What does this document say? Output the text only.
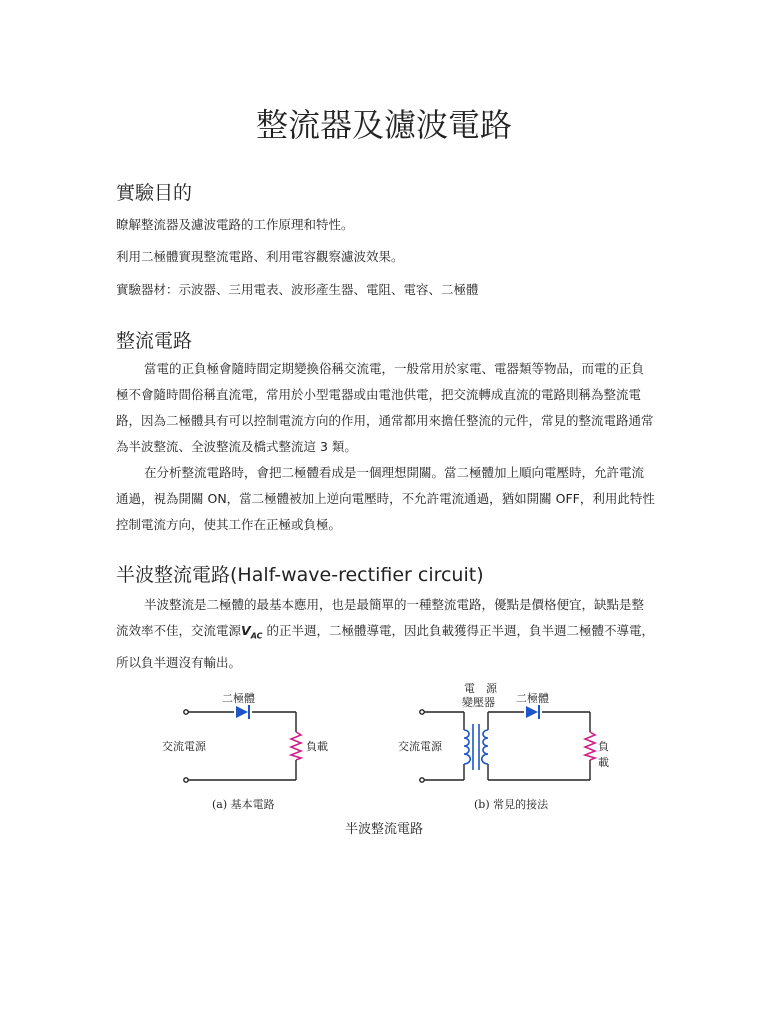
整流器及濾波電路
實驗目的

瞭解整流器及濾波電路的工作原理和特性。

利用二極體實現整流電路、利用電容觀察濾波效果。

實驗器材：示波器、三用電表、波形產生器、電阻、電容、二極體

整流電路

當電的正負極會隨時間定期變換俗稱交流電，一般常用於家電、電器類等物品，而電的正負極不會隨時間俗稱直流電，常用於小型電器或由電池供電，把交流轉成直流的電路則稱為整流電路，因為二極體具有可以控制電流方向的作用，通常都用來擔任整流的元件，常見的整流電路通常為半波整流、全波整流及橋式整流這 3 類。

在分析整流電路時，會把二極體看成是一個理想開關。當二極體加上順向電壓時，允許電流通過，視為開關 ON，當二極體被加上逆向電壓時，不允許電流通過，猶如開關 OFF，利用此特性控制電流方向，使其工作在正極或負極。

半波整流電路(Half-wave-rectifier circuit)

半波整流是二極體的最基本應用，也是最簡單的一種整流電路，優點是價格便宜，缺點是整流效率不佳，交流電源$V_{AC}$ 的正半週，二極體導電，因此負載獲得正半週，負半週二極體不導電，所以負半週沒有輸出。

二極體
交流電源	負載
(a) 基本電路
電　源
變壓器 二極體
交流電源	負載
(b) 常見的接法
半波整流電路
